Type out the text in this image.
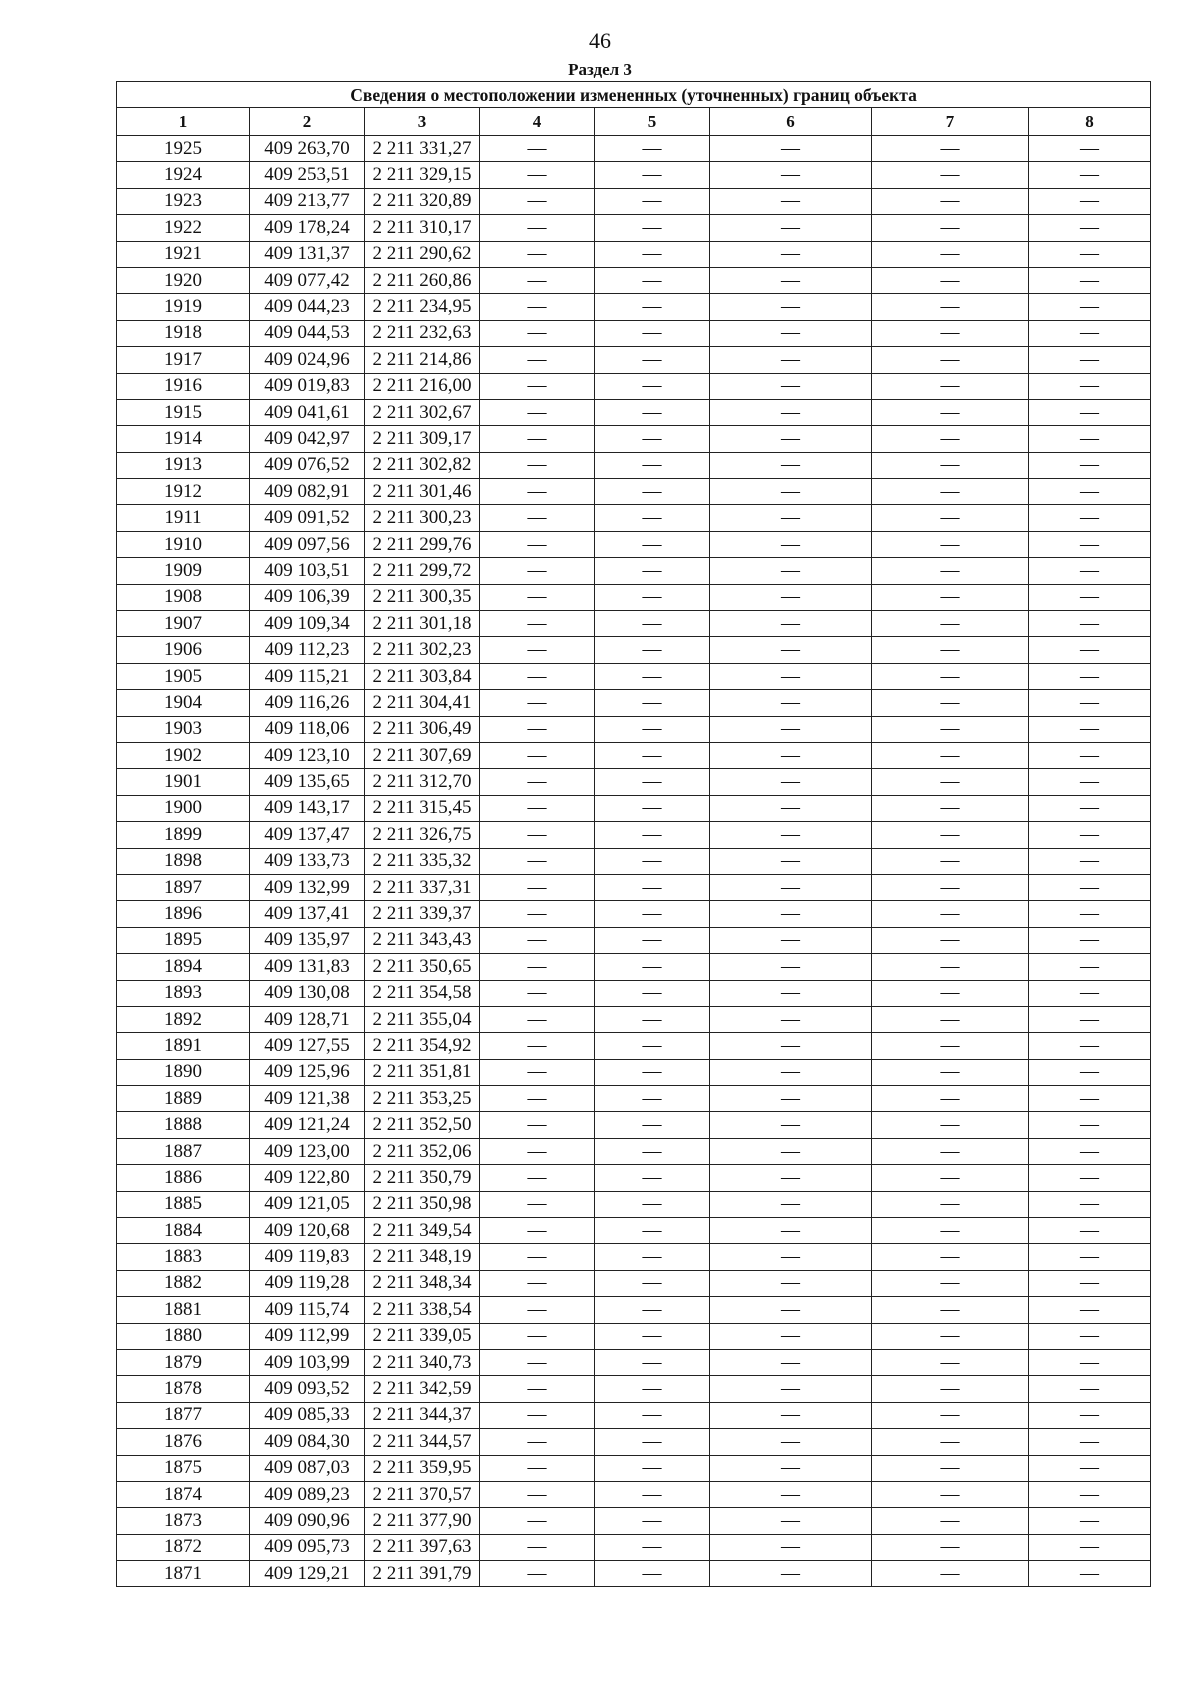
46
Раздел 3
Сведения о местоположении измененных (уточненных) границ объекта							
1	2	3	4	5	6	7	8
1925	409 263,70	2 211 331,27	—	—	—	—	—
1924	409 253,51	2 211 329,15	—	—	—	—	—
1923	409 213,77	2 211 320,89	—	—	—	—	—
1922	409 178,24	2 211 310,17	—	—	—	—	—
1921	409 131,37	2 211 290,62	—	—	—	—	—
1920	409 077,42	2 211 260,86	—	—	—	—	—
1919	409 044,23	2 211 234,95	—	—	—	—	—
1918	409 044,53	2 211 232,63	—	—	—	—	—
1917	409 024,96	2 211 214,86	—	—	—	—	—
1916	409 019,83	2 211 216,00	—	—	—	—	—
1915	409 041,61	2 211 302,67	—	—	—	—	—
1914	409 042,97	2 211 309,17	—	—	—	—	—
1913	409 076,52	2 211 302,82	—	—	—	—	—
1912	409 082,91	2 211 301,46	—	—	—	—	—
1911	409 091,52	2 211 300,23	—	—	—	—	—
1910	409 097,56	2 211 299,76	—	—	—	—	—
1909	409 103,51	2 211 299,72	—	—	—	—	—
1908	409 106,39	2 211 300,35	—	—	—	—	—
1907	409 109,34	2 211 301,18	—	—	—	—	—
1906	409 112,23	2 211 302,23	—	—	—	—	—
1905	409 115,21	2 211 303,84	—	—	—	—	—
1904	409 116,26	2 211 304,41	—	—	—	—	—
1903	409 118,06	2 211 306,49	—	—	—	—	—
1902	409 123,10	2 211 307,69	—	—	—	—	—
1901	409 135,65	2 211 312,70	—	—	—	—	—
1900	409 143,17	2 211 315,45	—	—	—	—	—
1899	409 137,47	2 211 326,75	—	—	—	—	—
1898	409 133,73	2 211 335,32	—	—	—	—	—
1897	409 132,99	2 211 337,31	—	—	—	—	—
1896	409 137,41	2 211 339,37	—	—	—	—	—
1895	409 135,97	2 211 343,43	—	—	—	—	—
1894	409 131,83	2 211 350,65	—	—	—	—	—
1893	409 130,08	2 211 354,58	—	—	—	—	—
1892	409 128,71	2 211 355,04	—	—	—	—	—
1891	409 127,55	2 211 354,92	—	—	—	—	—
1890	409 125,96	2 211 351,81	—	—	—	—	—
1889	409 121,38	2 211 353,25	—	—	—	—	—
1888	409 121,24	2 211 352,50	—	—	—	—	—
1887	409 123,00	2 211 352,06	—	—	—	—	—
1886	409 122,80	2 211 350,79	—	—	—	—	—
1885	409 121,05	2 211 350,98	—	—	—	—	—
1884	409 120,68	2 211 349,54	—	—	—	—	—
1883	409 119,83	2 211 348,19	—	—	—	—	—
1882	409 119,28	2 211 348,34	—	—	—	—	—
1881	409 115,74	2 211 338,54	—	—	—	—	—
1880	409 112,99	2 211 339,05	—	—	—	—	—
1879	409 103,99	2 211 340,73	—	—	—	—	—
1878	409 093,52	2 211 342,59	—	—	—	—	—
1877	409 085,33	2 211 344,37	—	—	—	—	—
1876	409 084,30	2 211 344,57	—	—	—	—	—
1875	409 087,03	2 211 359,95	—	—	—	—	—
1874	409 089,23	2 211 370,57	—	—	—	—	—
1873	409 090,96	2 211 377,90	—	—	—	—	—
1872	409 095,73	2 211 397,63	—	—	—	—	—
1871	409 129,21	2 211 391,79	—	—	—	—	—
